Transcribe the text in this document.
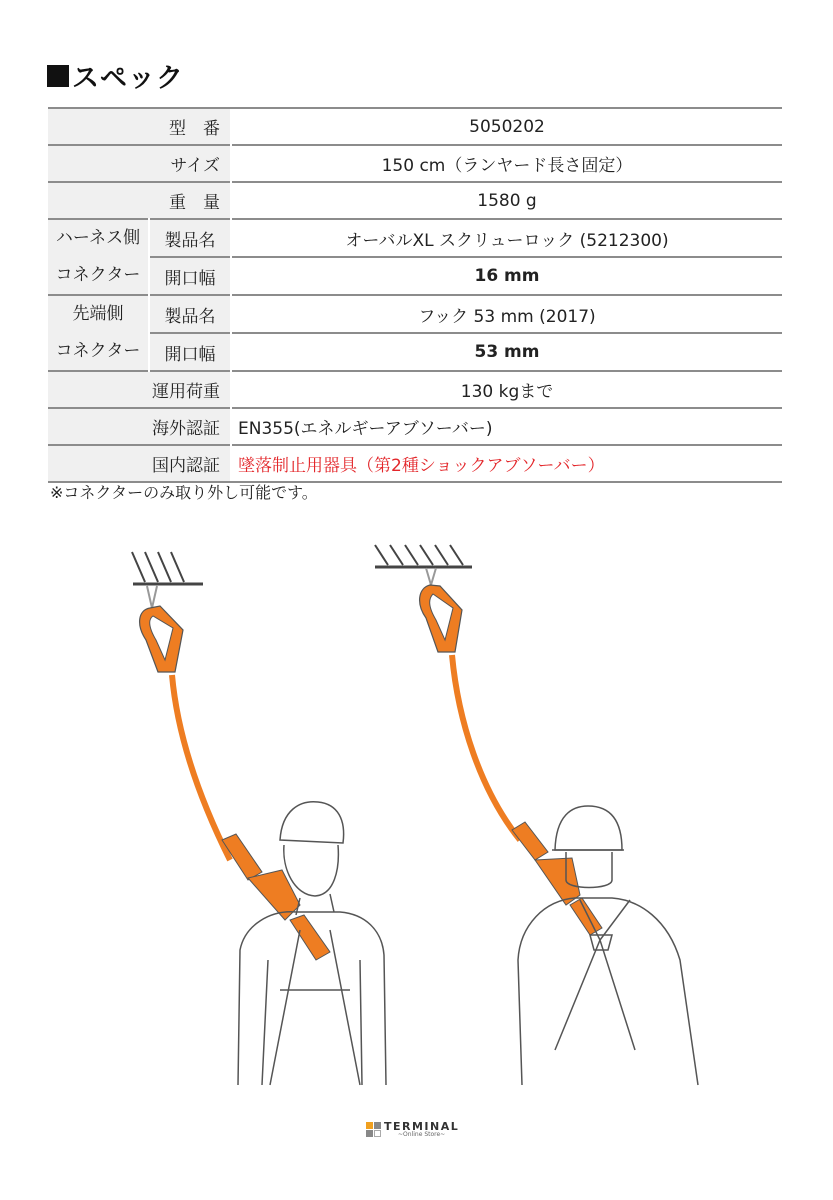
スペック
型　番		5050202
サイズ		150 cm（ランヤード長さ固定）
重　量		1580 g

ハーネス側
コネクター	製品名	オーバルXL スクリューロック (5212300)
	開口幅	16 mm

先端側
コネクター	製品名	フック 53 mm (2017)
	開口幅	53 mm
運用荷重		130 kgまで
海外認証		EN355(エネルギーアブソーバー)
国内認証		墜落制止用器具（第2種ショックアブソーバー）
※コネクターのみ取り外し可能です。
TERMINAL
~Online Store~
